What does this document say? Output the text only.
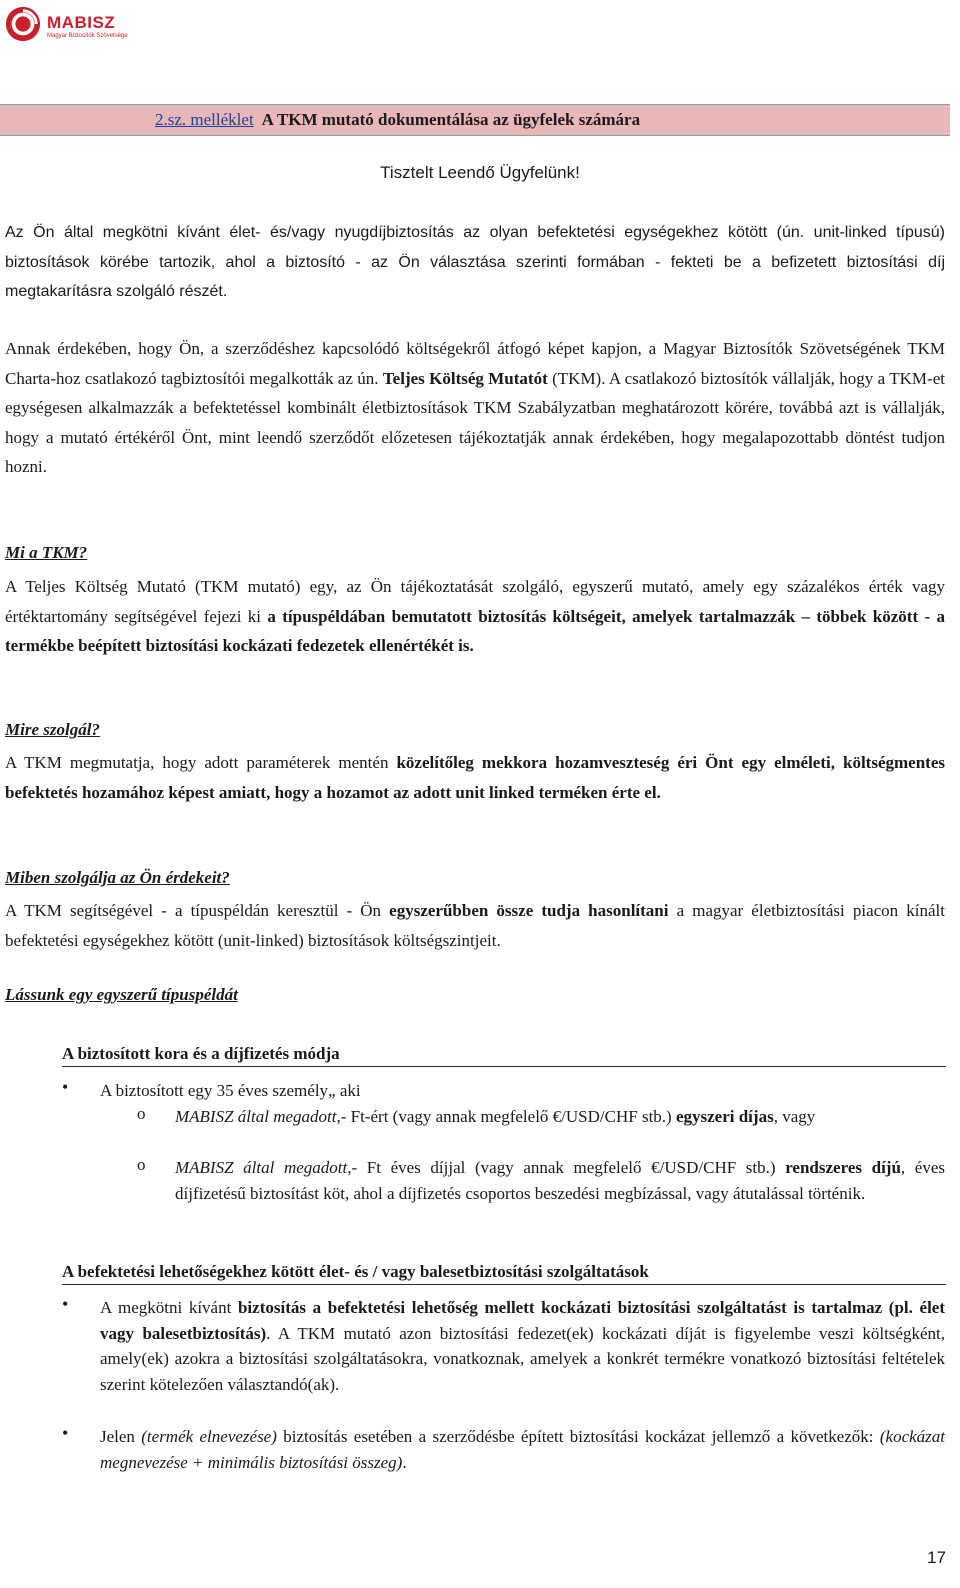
MABISZ
Magyar Biztosítók Szövetsége
2.sz. melléklet A TKM mutató dokumentálása az ügyfelek számára
Tisztelt Leendő Ügyfelünk!

Az Ön által megkötni kívánt élet- és/vagy nyugdíjbiztosítás az olyan befektetési egységekhez kötött (ún. unit-linked típusú) biztosítások körébe tartozik, ahol a biztosító - az Ön választása szerinti formában - fekteti be a befizetett biztosítási díj megtakarításra szolgáló részét.

Annak érdekében, hogy Ön, a szerződéshez kapcsolódó költségekről átfogó képet kapjon, a Magyar Biztosítók Szövetségének TKM Charta-hoz csatlakozó tagbiztosítói megalkották az ún. Teljes Költség Mutatót (TKM). A csatlakozó biztosítók vállalják, hogy a TKM-et egységesen alkalmazzák a befektetéssel kombinált életbiztosítások TKM Szabályzatban meghatározott körére, továbbá azt is vállalják, hogy a mutató értékéről Önt, mint leendő szerződőt előzetesen tájékoztatják annak érdekében, hogy megalapozottabb döntést tudjon hozni.

Mi a TKM?

A Teljes Költség Mutató (TKM mutató) egy, az Ön tájékoztatását szolgáló, egyszerű mutató, amely egy százalékos érték vagy értéktartomány segítségével fejezi ki a típuspéldában bemutatott biztosítás költségeit, amelyek tartalmazzák – többek között - a termékbe beépített biztosítási kockázati fedezetek ellenértékét is.

Mire szolgál?

A TKM megmutatja, hogy adott paraméterek mentén közelítőleg mekkora hozamveszteség éri Önt egy elméleti, költségmentes befektetés hozamához képest amiatt, hogy a hozamot az adott unit linked terméken érte el.

Miben szolgálja az Ön érdekeit?

A TKM segítségével - a típuspéldán keresztül - Ön egyszerűbben össze tudja hasonlítani a magyar életbiztosítási piacon kínált befektetési egységekhez kötött (unit-linked) biztosítások költségszintjeit.

Lássunk egy egyszerű típuspéldát
A biztosított kora és a díjfizetés módja
• A biztosított egy 35 éves személy„ aki

o MABISZ által megadott,- Ft-ért (vagy annak megfelelő €/USD/CHF stb.) egyszeri díjas, vagy

o MABISZ által megadott,- Ft éves díjjal (vagy annak megfelelő €/USD/CHF stb.) rendszeres díjú, éves díjfizetésű biztosítást köt, ahol a díjfizetés csoportos beszedési megbízással, vagy átutalással történik.

A befektetési lehetőségekhez kötött élet- és / vagy balesetbiztosítási szolgáltatások
• A megkötni kívánt biztosítás a befektetési lehetőség mellett kockázati biztosítási szolgáltatást is tartalmaz (pl. élet vagy balesetbiztosítás). A TKM mutató azon biztosítási fedezet(ek) kockázati díját is figyelembe veszi költségként, amely(ek) azokra a biztosítási szolgáltatásokra, vonatkoznak, amelyek a konkrét termékre vonatkozó biztosítási feltételek szerint kötelezően választandó(ak).

• Jelen (termék elnevezése) biztosítás esetében a szerződésbe épített biztosítási kockázat jellemző a következők: (kockázat megnevezése + minimális biztosítási összeg).

17
